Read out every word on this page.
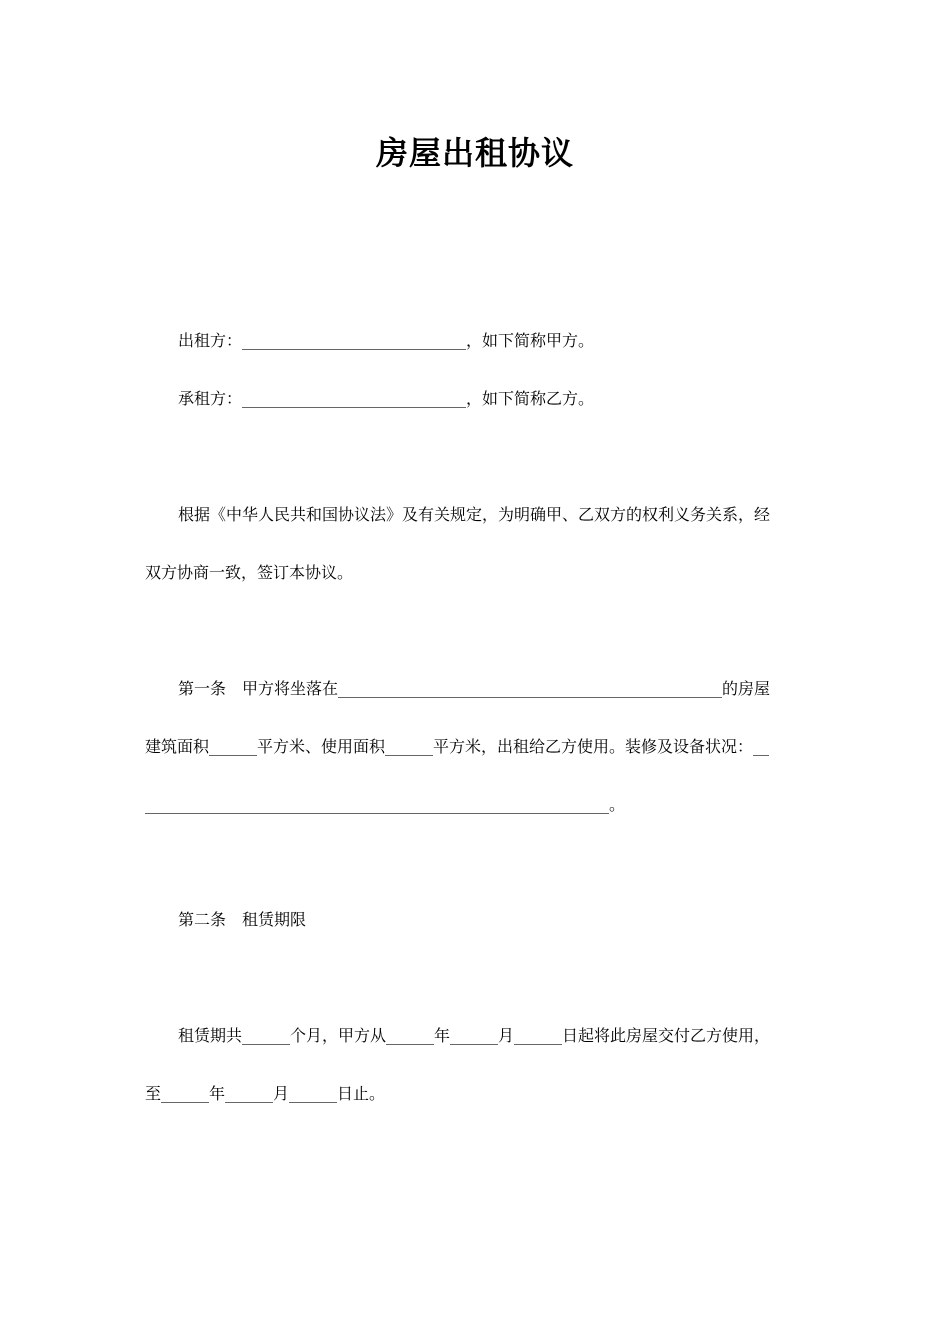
房屋出租协议

出租方：____________________________，如下简称甲方。

承租方：____________________________，如下简称乙方。

根据《中华人民共和国协议法》及有关规定，为明确甲、乙双方的权利义务关系，经

双方协商一致，签订本协议。

第一条　甲方将坐落在________________________________________________的房屋

建筑面积______平方米、使用面积______平方米，出租给乙方使用。装修及设备状况：__

__________________________________________________________。

第二条　租赁期限

租赁期共______个月，甲方从______年______月______日起将此房屋交付乙方使用，

至______年______月______日止。
